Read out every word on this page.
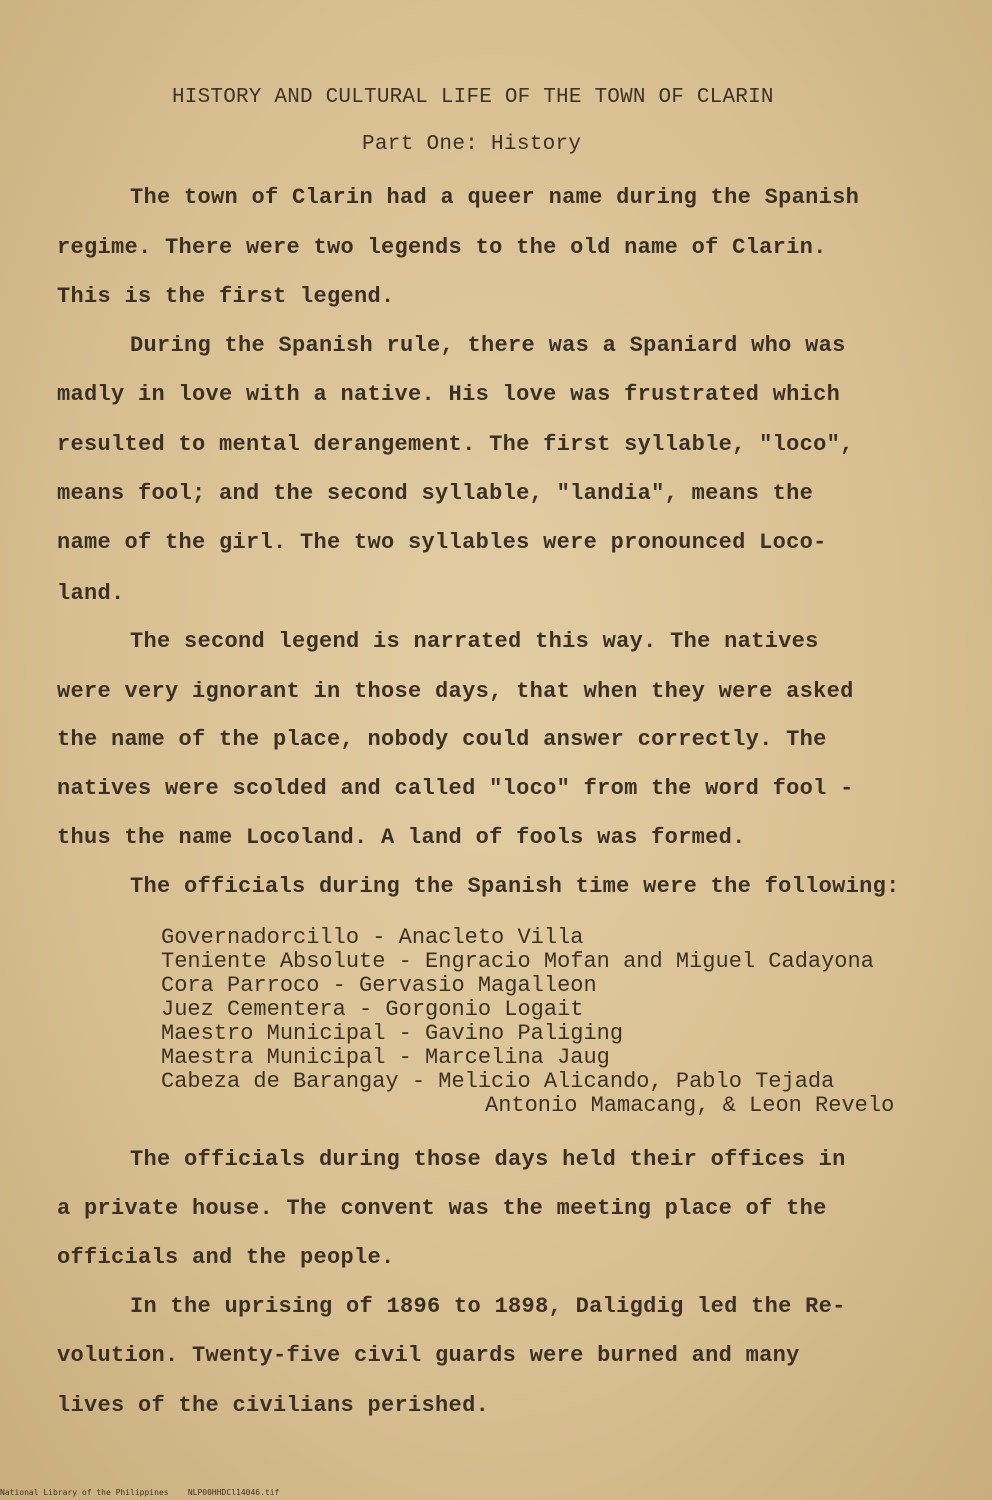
HISTORY AND CULTURAL LIFE OF THE TOWN OF CLARIN

Part One: History

The town of Clarin had a queer name during the Spanish

regime. There were two legends to the old name of Clarin.

This is the first legend.

During the Spanish rule, there was a Spaniard who was

madly in love with a native. His love was frustrated which

resulted to mental derangement. The first syllable, "loco",

means fool; and the second syllable, "landia", means the

name of the girl. The two syllables were pronounced Loco-

land.

The second legend is narrated this way. The natives

were very ignorant in those days, that when they were asked

the name of the place, nobody could answer correctly. The

natives were scolded and called "loco" from the word fool -

thus the name Locoland. A land of fools was formed.

The officials during the Spanish time were the following:

Governadorcillo - Anacleto Villa
Teniente Absolute - Engracio Mofan and Miguel Cadayona
Cora Parroco - Gervasio Magalleon
Juez Cementera - Gorgonio Logait
Maestro Municipal - Gavino Paliging
Maestra Municipal - Marcelina Jaug
Cabeza de Barangay - Melicio Alicando, Pablo Tejada
Antonio Mamacang, & Leon Revelo

The officials during those days held their offices in

a private house. The convent was the meeting place of the

officials and the people.

In the uprising of 1896 to 1898, Daligdig led the Re-

volution. Twenty-five civil guards were burned and many

lives of the civilians perished.

National Library of the Philippines NLP00HHDCl14046.tif
